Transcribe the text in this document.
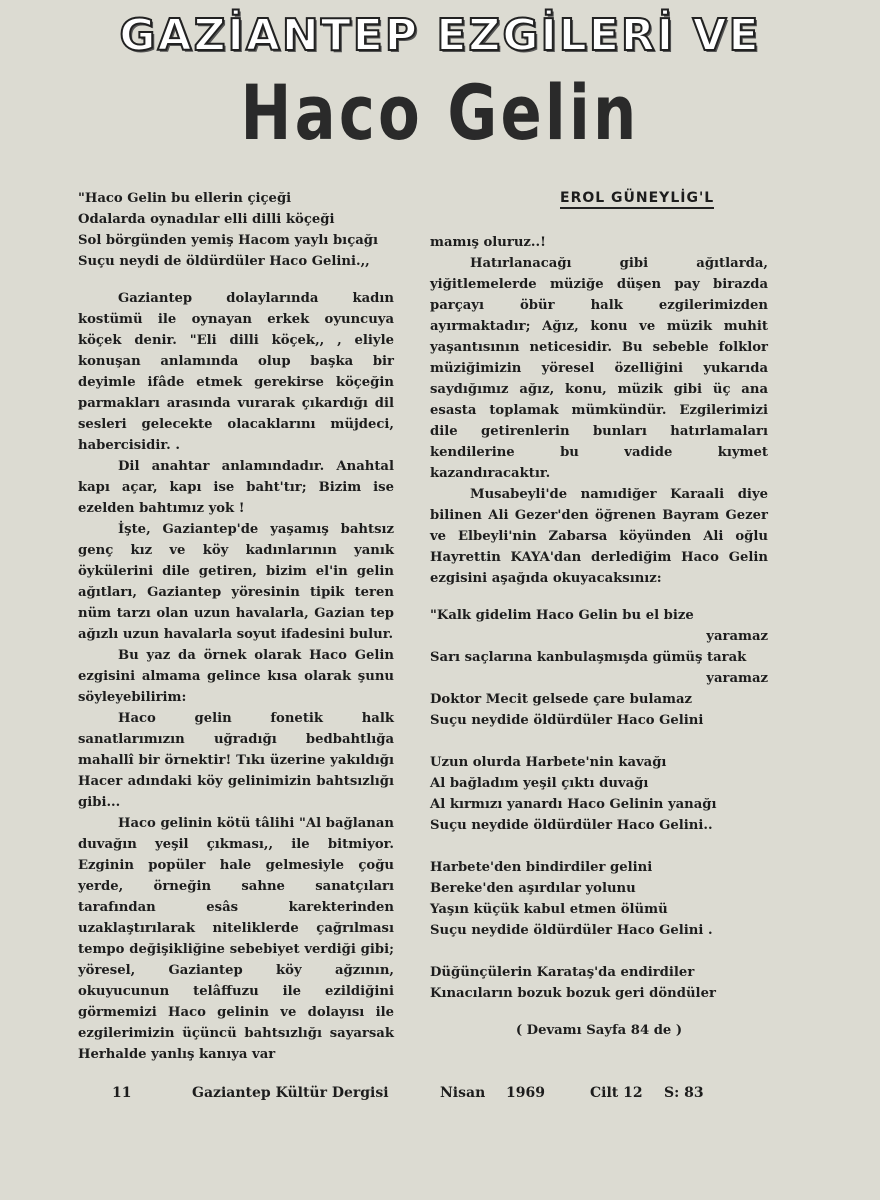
GAZİANTEP EZGİLERİ VE
Haco Gelin
EROL GÜNEYLİG'L

"Haco Gelin bu ellerin çiçeği

Odalarda oynadılar elli dilli köçeği

Sol börgünden yemiş Hacom yaylı bıçağı

Suçu neydi de öldürdüler Haco Gelini.,,

Gaziantep dolaylarında kadın kostümü ile oynayan erkek oyuncuya köçek denir. "Eli dilli köçek,, , eliyle konuşan anlamında olup başka bir deyimle ifâde etmek gerekirse köçeğin parmakları arasında vurarak çıkardığı dil sesleri gelecekte olacaklarını müjdeci, habercisidir. .

Dil anahtar anlamındadır. Anahtal kapı açar, kapı ise baht'tır; Bizim ise ezelden bahtımız yok !

İşte, Gaziantep'de yaşamış bahtsız genç kız ve köy kadınlarının yanık öykülerini dile getiren, bizim el'in gelin ağıtları, Gaziantep yöresinin tipik teren nüm tarzı olan uzun havalarla, Gazian tep ağızlı uzun havalarla soyut ifadesini bulur.

Bu yaz da örnek olarak Haco Gelin ezgisini almama gelince kısa olarak şunu söyleyebilirim:

Haco gelin fonetik halk sanatlarımızın uğradığı bedbahtlığa mahallî bir örnektir! Tıkı üzerine yakıldığı Hacer adındaki köy gelinimizin bahtsızlığı gibi...

Haco gelinin kötü tâlihi "Al bağlanan duvağın yeşil çıkması,, ile bitmiyor. Ezginin popüler hale gelmesiyle çoğu yerde, örneğin sahne sanatçıları tarafından esâs karekterinden uzaklaştırılarak niteliklerde çağrılması tempo değişikliğine sebebiyet verdiği gibi; yöresel, Gaziantep köy ağzının, okuyucunun telâffuzu ile ezildiğini görmemizi Haco gelinin ve dolayısı ile ezgilerimizin üçüncü bahtsızlığı sayarsak Herhalde yanlış kanıya var

mamış oluruz..!

Hatırlanacağı gibi ağıtlarda, yiğitlemelerde müziğe düşen pay birazda parçayı öbür halk ezgilerimizden ayırmaktadır; Ağız, konu ve müzik muhit yaşantısının neticesidir. Bu sebeble folklor müziğimizin yöresel özelliğini yukarıda saydığımız ağız, konu, müzik gibi üç ana esasta toplamak mümkündür. Ezgilerimizi dile getirenlerin bunları hatırlamaları kendilerine bu vadide kıymet kazandıracaktır.

Musabeyli'de namıdiğer Karaali diye bilinen Ali Gezer'den öğrenen Bayram Gezer ve Elbeyli'nin Zabarsa köyünden Ali oğlu Hayrettin KAYA'dan derlediğim Haco Gelin ezgisini aşağıda okuyacaksınız:

"Kalk gidelim Haco Gelin bu el bize

yaramaz

Sarı saçlarına kanbulaşmışda gümüş tarak

yaramaz

Doktor Mecit gelsede çare bulamaz

Suçu neydide öldürdüler Haco Gelini

Uzun olurda Harbete'nin kavağı

Al bağladım yeşil çıktı duvağı

Al kırmızı yanardı Haco Gelinin yanağı

Suçu neydide öldürdüler Haco Gelini..

Harbete'den bindirdiler gelini

Bereke'den aşırdılar yolunu

Yaşın küçük kabul etmen ölümü

Suçu neydide öldürdüler Haco Gelini .

Düğünçülerin Karataş'da endirdiler

Kınacıların bozuk bozuk geri döndüler

( Devamı Sayfa 84 de )

11	Gaziantep Kültür Dergisi	Nisan 1969	Cilt 12 S: 83
